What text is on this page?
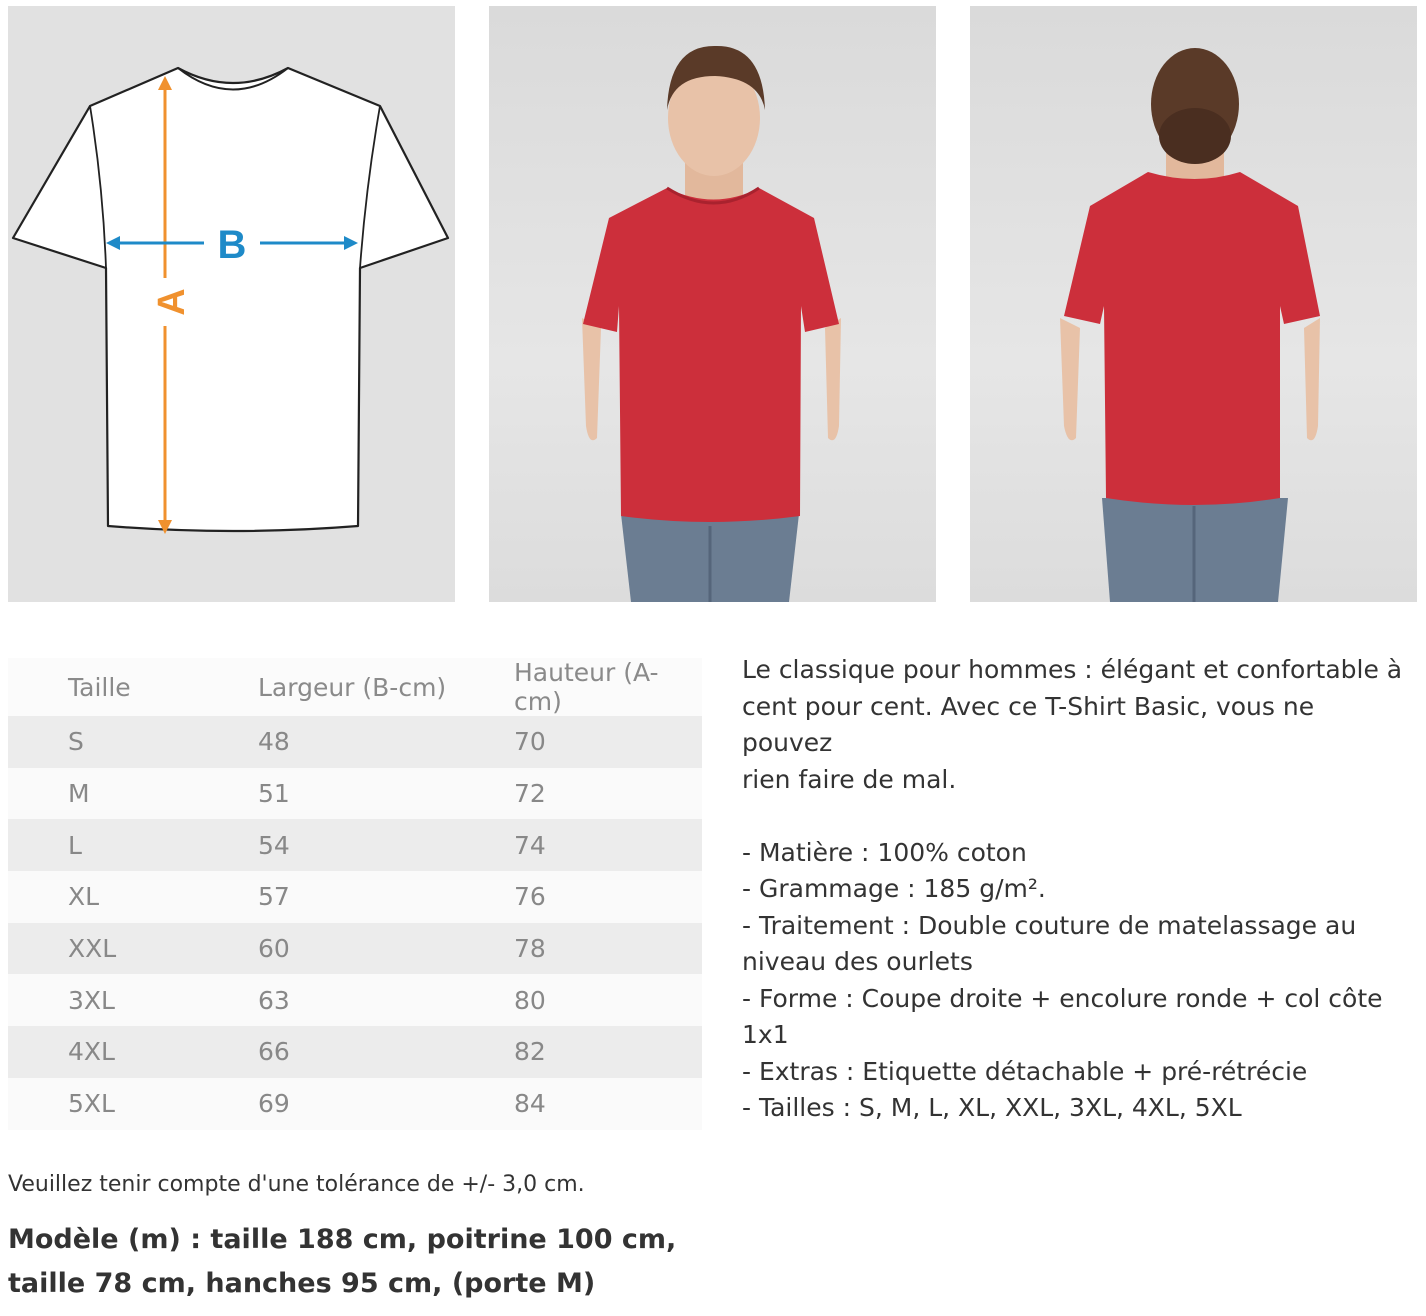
A
B
Taille	Largeur (B-cm)	Hauteur (A-cm)
S	48	70
M	51	72
L	54	74
XL	57	76
XXL	60	78
3XL	63	80
4XL	66	82
5XL	69	84

Le classique pour hommes : élégant et confortable à

cent pour cent. Avec ce T-Shirt Basic, vous ne pouvez

rien faire de mal.

- Matière : 100% coton

- Grammage : 185 g/m².

- Traitement : Double couture de matelassage au

niveau des ourlets

- Forme : Coupe droite + encolure ronde + col côte

1x1

- Extras : Etiquette détachable + pré-rétrécie

- Tailles : S, M, L, XL, XXL, 3XL, 4XL, 5XL

Veuillez tenir compte d'une tolérance de +/- 3,0 cm.
Modèle (m) : taille 188 cm, poitrine 100 cm,
taille 78 cm, hanches 95 cm, (porte M)
